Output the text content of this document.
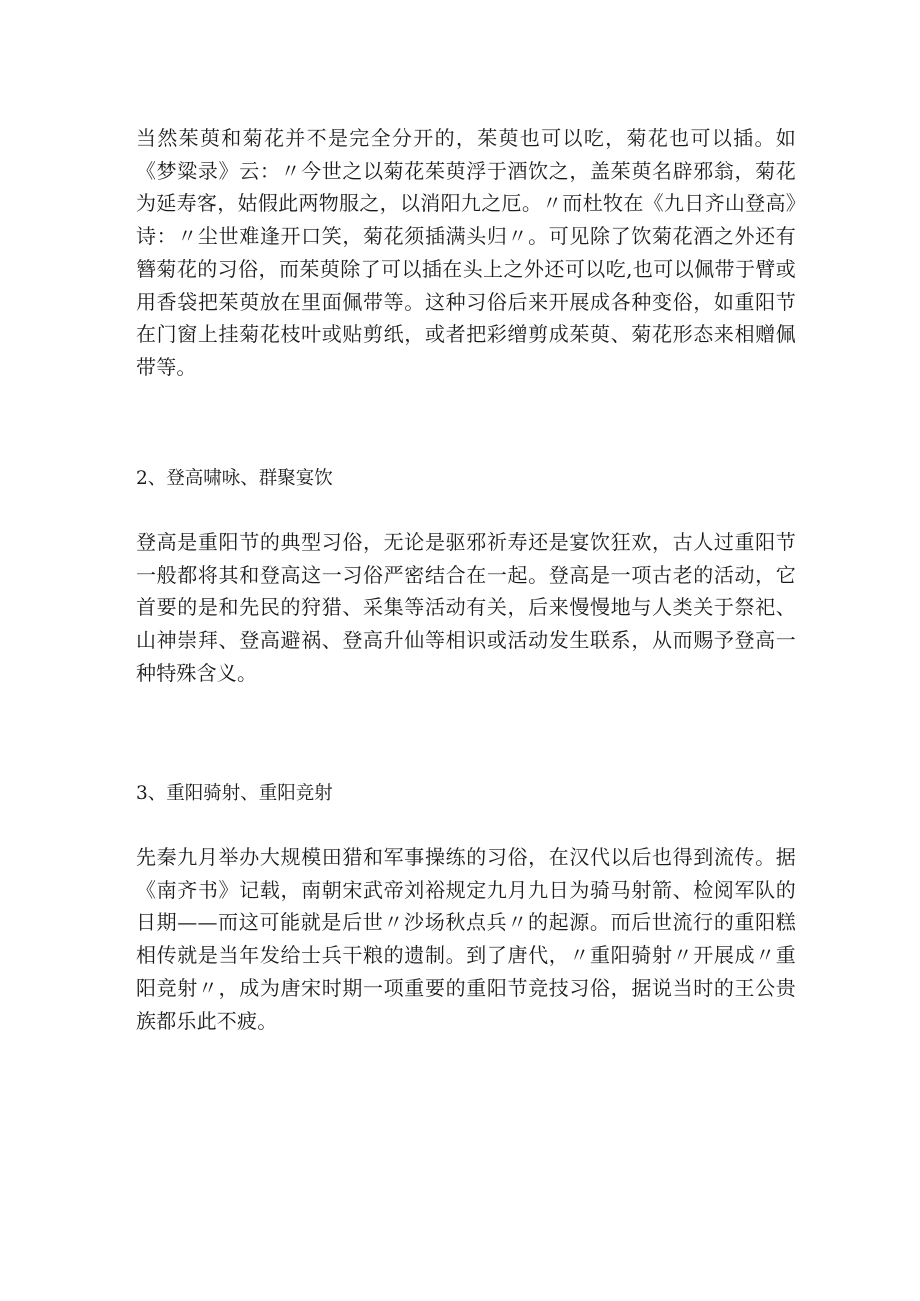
当然茱萸和菊花并不是完全分开的，茱萸也可以吃，菊花也可以插。如《梦粱录》云：〃今世之以菊花茱萸浮于酒饮之，盖茱萸名辟邪翁，菊花为延寿客，姑假此两物服之，以消阳九之厄。〃而杜牧在《九日齐山登高》诗：〃尘世难逢开口笑，菊花须插满头归〃。可见除了饮菊花酒之外还有簪菊花的习俗，而茱萸除了可以插在头上之外还可以吃,也可以佩带于臂或用香袋把茱萸放在里面佩带等。这种习俗后来开展成各种变俗，如重阳节在门窗上挂菊花枝叶或贴剪纸，或者把彩缯剪成茱萸、菊花形态来相赠佩带等。

2、登高啸咏、群聚宴饮

登高是重阳节的典型习俗，无论是驱邪祈寿还是宴饮狂欢，古人过重阳节一般都将其和登高这一习俗严密结合在一起。登高是一项古老的活动，它首要的是和先民的狩猎、采集等活动有关，后来慢慢地与人类关于祭祀、山神崇拜、登高避祸、登高升仙等相识或活动发生联系，从而赐予登高一种特殊含义。

3、重阳骑射、重阳竞射

先秦九月举办大规模田猎和军事操练的习俗，在汉代以后也得到流传。据《南齐书》记载，南朝宋武帝刘裕规定九月九日为骑马射箭、检阅军队的日期——而这可能就是后世〃沙场秋点兵〃的起源。而后世流行的重阳糕相传就是当年发给士兵干粮的遗制。到了唐代，〃重阳骑射〃开展成〃重阳竞射〃，成为唐宋时期一项重要的重阳节竞技习俗，据说当时的王公贵族都乐此不疲。
